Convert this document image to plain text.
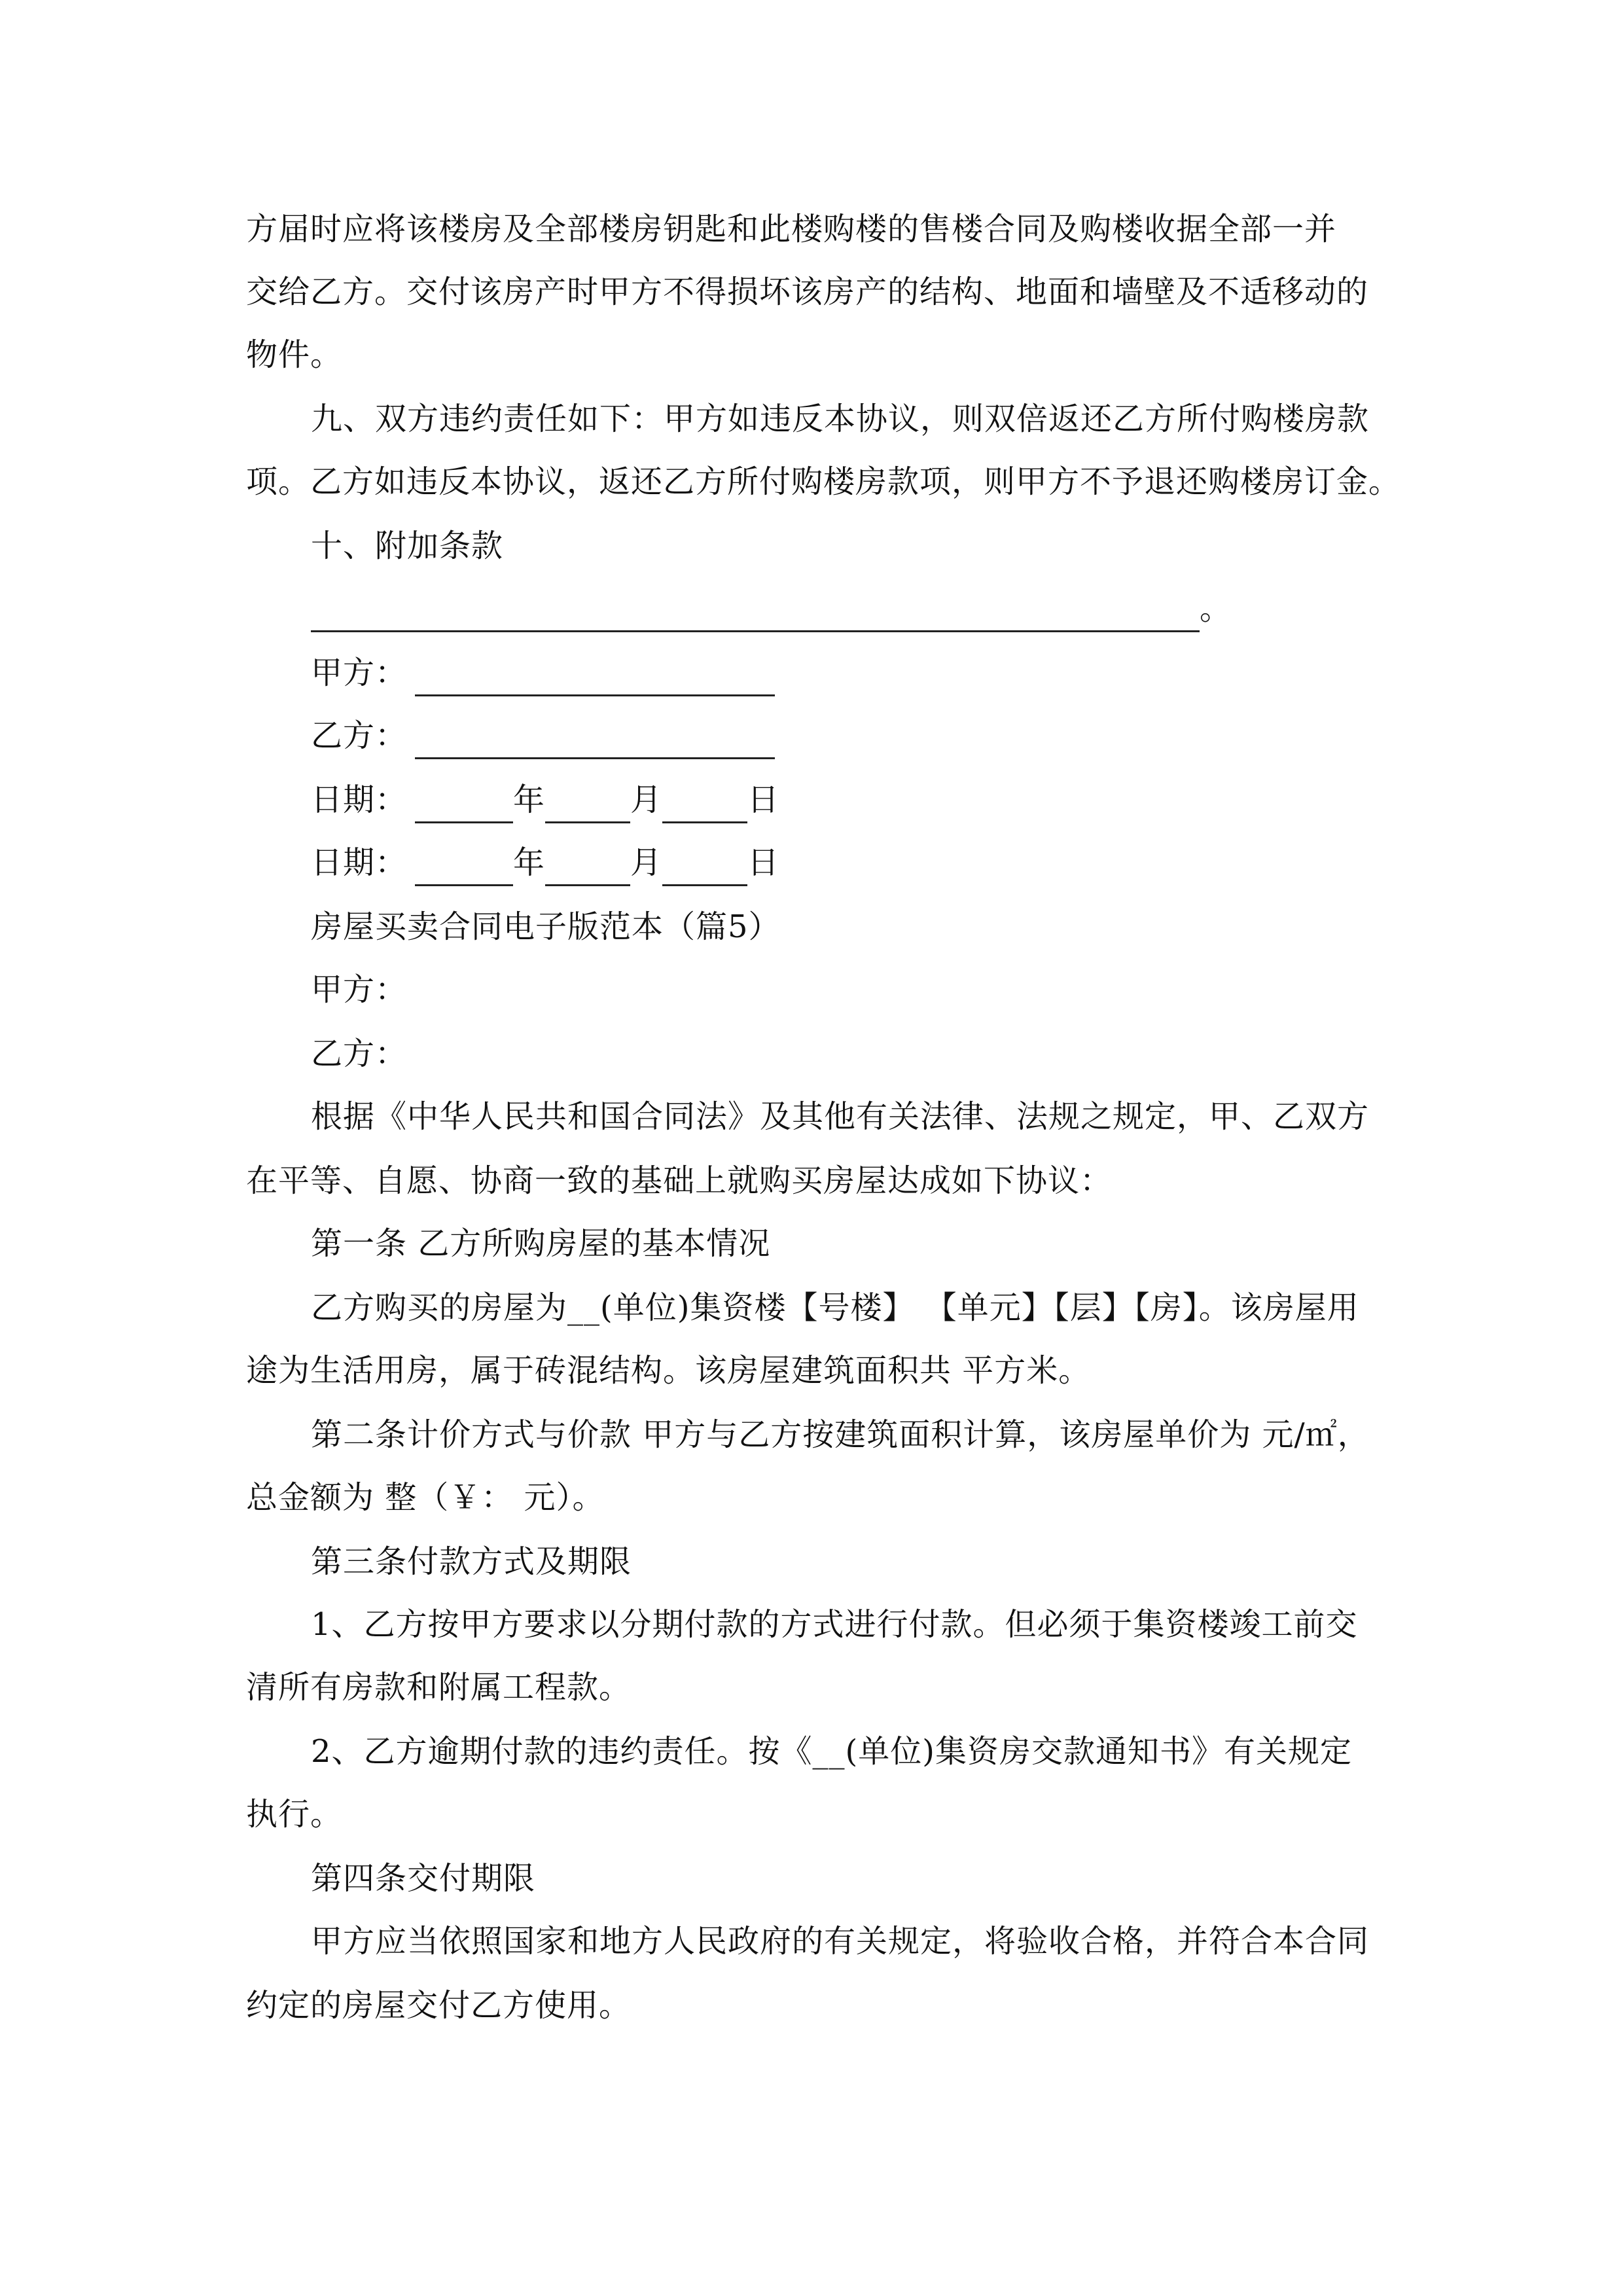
方届时应将该楼房及全部楼房钥匙和此楼购楼的售楼合同及购楼收据全部一并
交给乙方。交付该房产时甲方不得损坏该房产的结构、地面和墙壁及不适移动的
物件。
九、双方违约责任如下：甲方如违反本协议，则双倍返还乙方所付购楼房款
项。乙方如违反本协议，返还乙方所付购楼房款项，则甲方不予退还购楼房订金。
十、附加条款
。
甲方：
乙方：
日期：	年	月	日
日期：	年	月	日
房屋买卖合同电子版范本（篇5）
甲方：
乙方：
根据《中华人民共和国合同法》及其他有关法律、法规之规定，甲、乙双方
在平等、自愿、协商一致的基础上就购买房屋达成如下协议：
第一条 乙方所购房屋的基本情况
乙方购买的房屋为__(单位)集资楼【号楼】 【单元】【层】【房】。该房屋用
途为生活用房，属于砖混结构。该房屋建筑面积共 平方米。
第二条计价方式与价款 甲方与乙方按建筑面积计算，该房屋单价为 元/㎡，
总金额为 整（￥： 元）。
第三条付款方式及期限
1、乙方按甲方要求以分期付款的方式进行付款。但必须于集资楼竣工前交
清所有房款和附属工程款。
2、乙方逾期付款的违约责任。按《__(单位)集资房交款通知书》有关规定
执行。
第四条交付期限
甲方应当依照国家和地方人民政府的有关规定，将验收合格，并符合本合同
约定的房屋交付乙方使用。
